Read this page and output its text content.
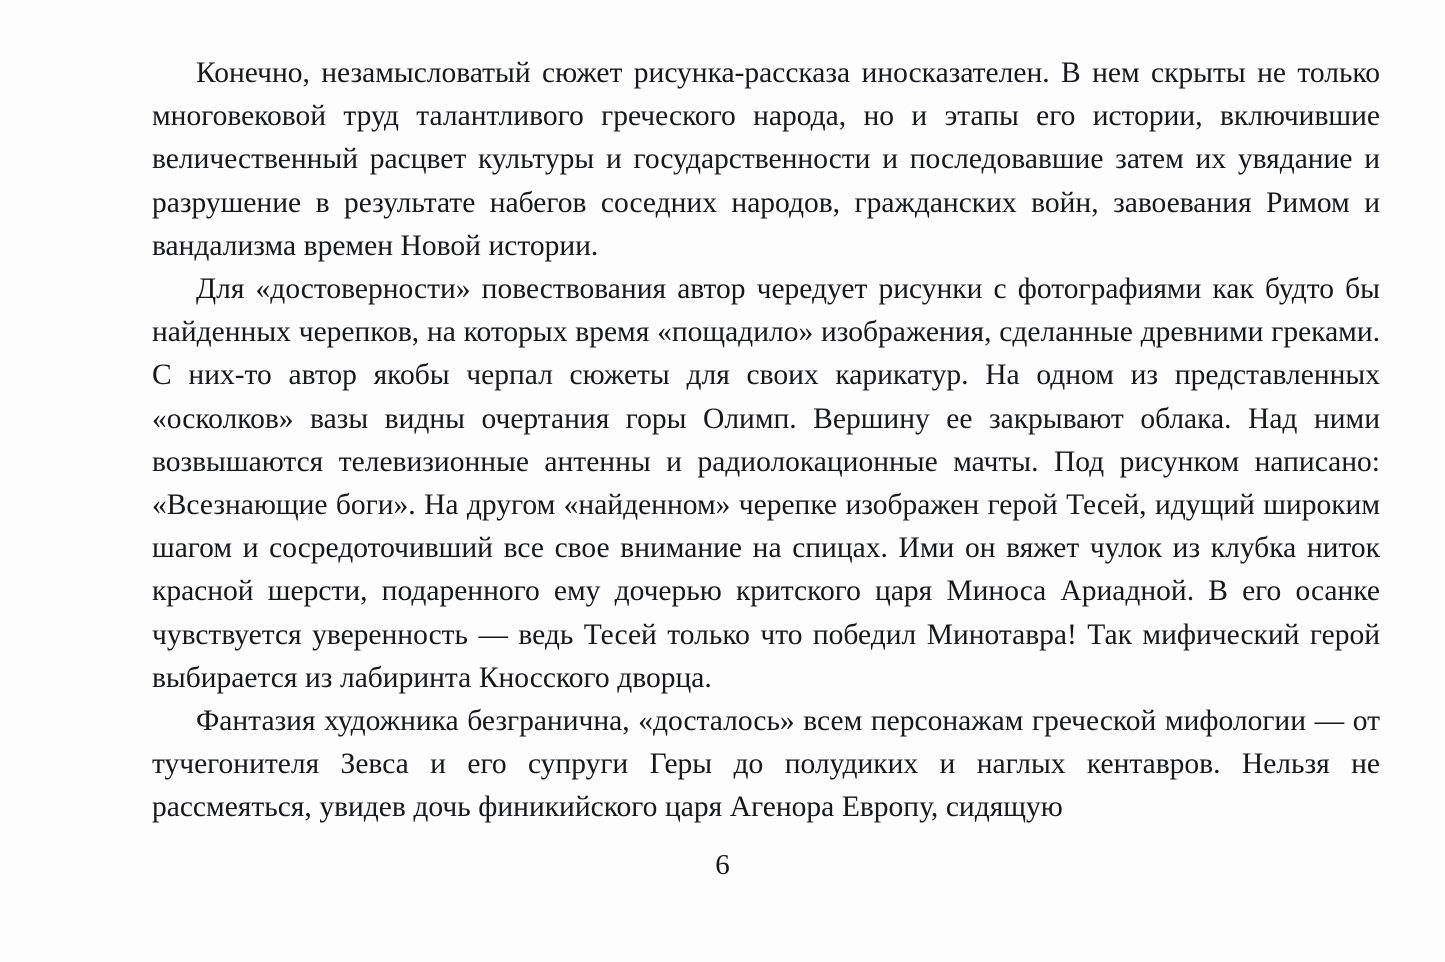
Конечно, незамысловатый сюжет рисунка-рассказа иносказателен. В нем скрыты не только многовековой труд талантливого греческого народа, но и этапы его истории, включившие величественный расцвет культуры и государственности и последовавшие затем их увядание и разрушение в результате набегов соседних народов, гражданских войн, завоевания Римом и вандализма времен Новой истории.

Для «достоверности» повествования автор чередует рисунки с фотографиями как будто бы найденных черепков, на которых время «пощадило» изображения, сделанные древними греками. С них-то автор якобы черпал сюжеты для своих карикатур. На одном из представленных «осколков» вазы видны очертания горы Олимп. Вершину ее закрывают облака. Над ними возвышаются телевизионные антенны и радиолокационные мачты. Под рисунком написано: «Всезнающие боги». На другом «найденном» черепке изображен герой Тесей, идущий широким шагом и сосредоточивший все свое внимание на спицах. Ими он вяжет чулок из клубка ниток красной шерсти, подаренного ему дочерью критского царя Миноса Ариадной. В его осанке чувствуется уверенность — ведь Тесей только что победил Минотавра! Так мифический герой выбирается из лабиринта Кносского дворца.

Фантазия художника безгранична, «досталось» всем персонажам греческой мифологии — от тучегонителя Зевса и его супруги Геры до полудиких и наглых кентавров. Нельзя не рассмеяться, увидев дочь финикийского царя Агенора Европу, сидящую

6
